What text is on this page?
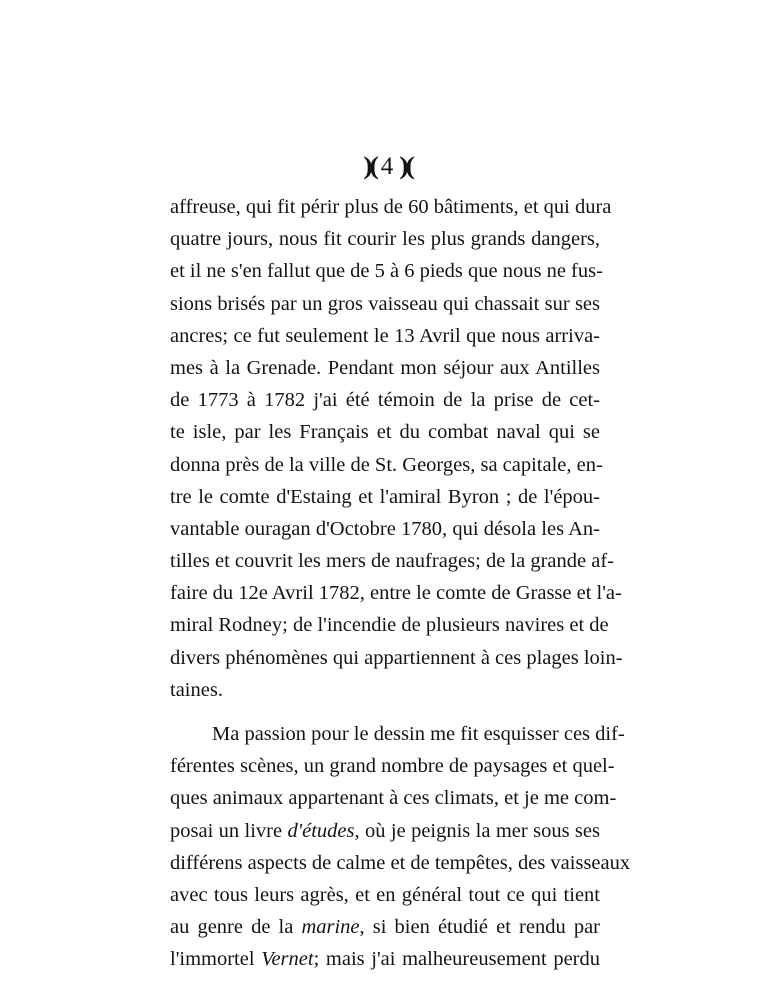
)( 4 )(
affreuse, qui fit périr plus de 60 bâtiments, et qui dura
quatre jours, nous fit courir les plus grands dangers,
et il ne s'en fallut que de 5 à 6 pieds que nous ne fus-
sions brisés par un gros vaisseau qui chassait sur ses
ancres; ce fut seulement le 13 Avril que nous arriva-
mes à la Grenade. Pendant mon séjour aux Antilles
de 1773 à 1782 j'ai été témoin de la prise de cet-
te isle, par les Français et du combat naval qui se
donna près de la ville de St. Georges, sa capitale, en-
tre le comte d'Estaing et l'amiral Byron ; de l'épou-
vantable ouragan d'Octobre 1780, qui désola les An-
tilles et couvrit les mers de naufrages; de la grande af-
faire du 12e Avril 1782, entre le comte de Grasse et l'a-
miral Rodney; de l'incendie de plusieurs navires et de
divers phénomènes qui appartiennent à ces plages loin-
taines.
Ma passion pour le dessin me fit esquisser ces dif-
férentes scènes, un grand nombre de paysages et quel-
ques animaux appartenant à ces climats, et je me com-
posai un livre d'études, où je peignis la mer sous ses
différens aspects de calme et de tempêtes, des vaisseaux
avec tous leurs agrès, et en général tout ce qui tient
au genre de la marine, si bien étudié et rendu par
l'immortel Vernet; mais j'ai malheureusement perdu
